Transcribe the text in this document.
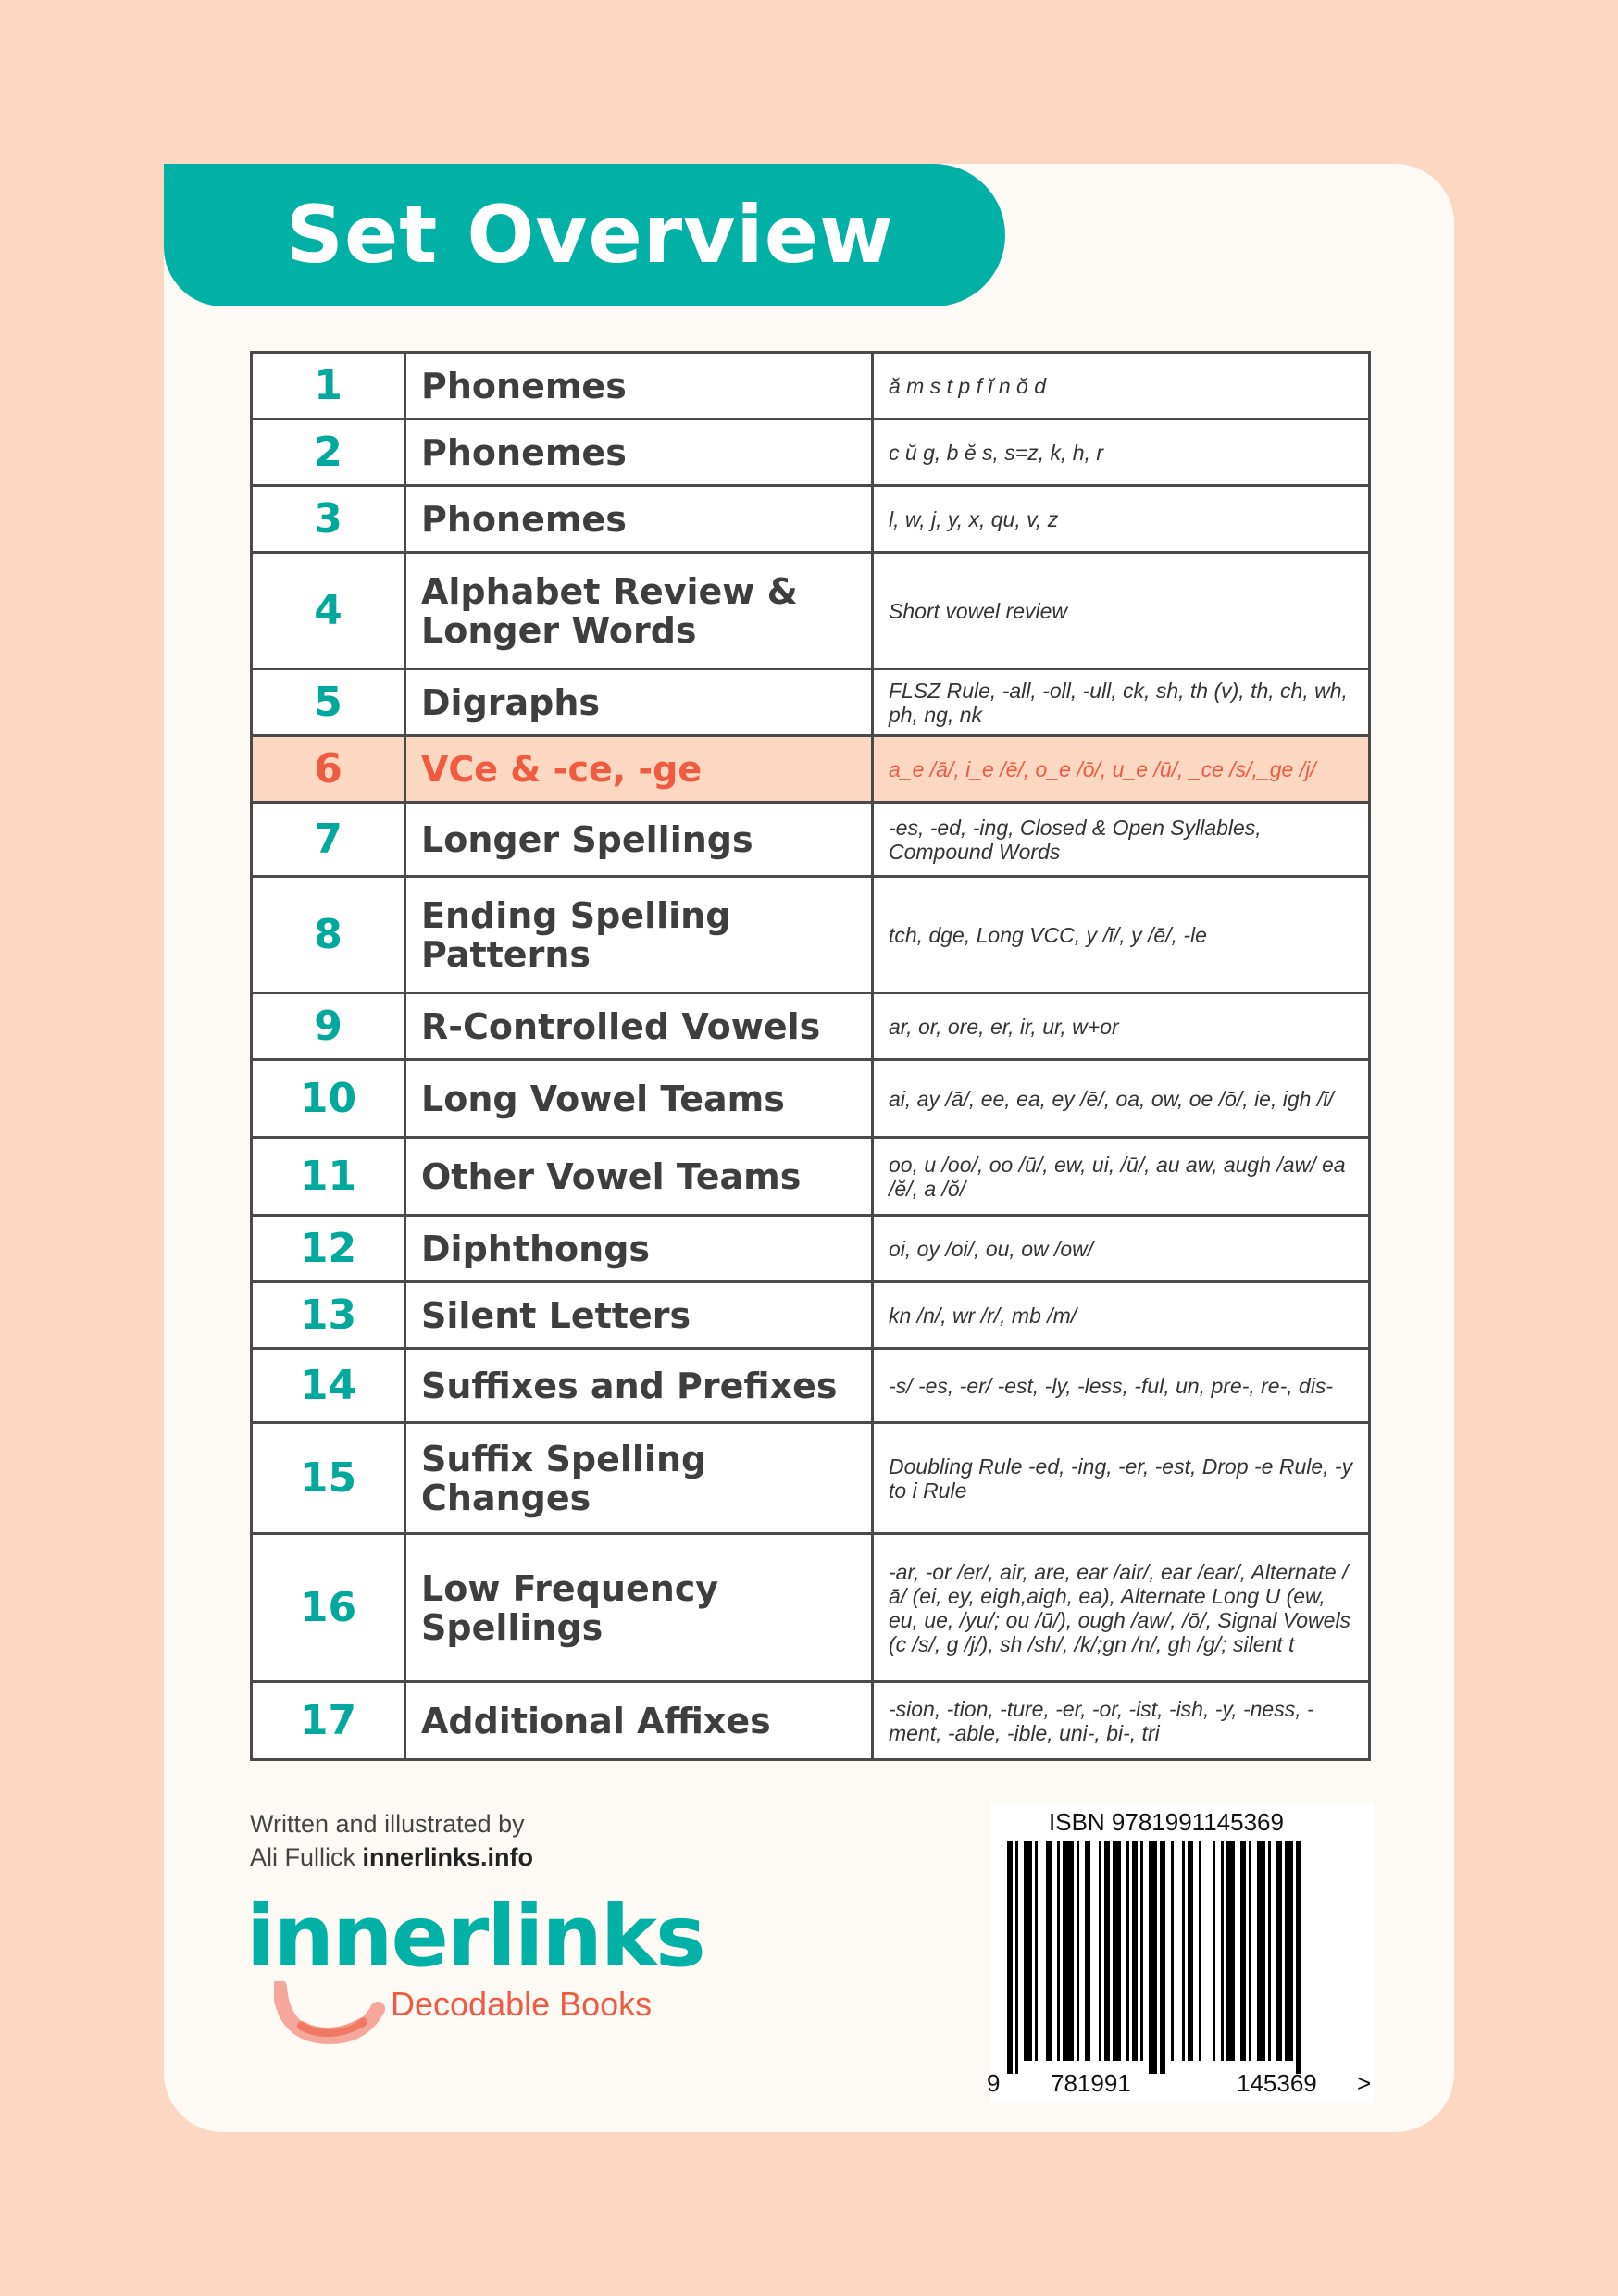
Set Overview
1	Phonemes	ă m s t p f ĭ n ŏ d
2	Phonemes	c ŭ g, b ĕ s, s=z, k, h, r
3	Phonemes	l, w, j, y, x, qu, v, z
4	Alphabet Review & Longer Words	Short vowel review
5	Digraphs	FLSZ Rule, -all, -oll, -ull, ck, sh, th (v), th, ch, wh, ph, ng, nk
6	VCe & -ce, -ge	a_e /ā/, i_e /ē/, o_e /ō/, u_e /ū/, _ce /s/,_ge /j/
7	Longer Spellings	-es, -ed, -ing, Closed & Open Syllables, Compound Words
8	Ending Spelling Patterns	tch, dge, Long VCC, y /ī/, y /ē/, -le
9	R-Controlled Vowels	ar, or, ore, er, ir, ur, w+or
10	Long Vowel Teams	ai, ay /ā/, ee, ea, ey /ē/, oa, ow, oe /ō/, ie, igh /ī/
11	Other Vowel Teams	oo, u /oo/, oo /ū/, ew, ui, /ū/, au aw, augh /aw/ ea /ĕ/, a /ŏ/
12	Diphthongs	oi, oy /oi/, ou, ow /ow/
13	Silent Letters	kn /n/, wr /r/, mb /m/
14	Suffixes and Prefixes	-s/ -es, -er/ -est, -ly, -less, -ful, un, pre-, re-, dis-
15	Suffix Spelling Changes	Doubling Rule -ed, -ing, -er, -est, Drop -e Rule, -y to i Rule
16	Low Frequency Spellings	-ar, -or /er/, air, are, ear /air/, ear /ear/, Alternate /ā/ (ei, ey, eigh,aigh, ea), Alternate Long U (ew, eu, ue, /yu/; ou /ū/), ough /aw/, /ō/, Signal Vowels (c /s/, g /j/), sh /sh/, /k/;gn /n/, gh /g/; silent t
17	Additional Affixes	-sion, -tion, -ture, -er, -or, -ist, -ish, -y, -ness, -ment, -able, -ible, uni-, bi-, tri
Written and illustrated by
Ali Fullick innerlinks.info
innerlinks
Decodable Books
ISBN 9781991145369
9 781991	145369 >
